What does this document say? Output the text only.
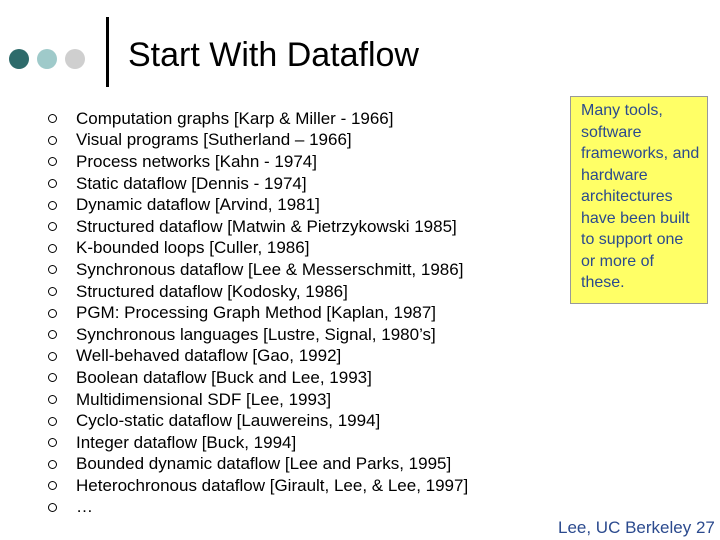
Start With Dataflow
Computation graphs [Karp & Miller - 1966]
Visual programs [Sutherland – 1966]
Process networks [Kahn - 1974]
Static dataflow [Dennis - 1974]
Dynamic dataflow [Arvind, 1981]
Structured dataflow [Matwin & Pietrzykowski 1985]
K-bounded loops [Culler, 1986]
Synchronous dataflow [Lee & Messerschmitt, 1986]
Structured dataflow [Kodosky, 1986]
PGM: Processing Graph Method [Kaplan, 1987]
Synchronous languages [Lustre, Signal, 1980’s]
Well-behaved dataflow [Gao, 1992]
Boolean dataflow [Buck and Lee, 1993]
Multidimensional SDF [Lee, 1993]
Cyclo-static dataflow [Lauwereins, 1994]
Integer dataflow [Buck, 1994]
Bounded dynamic dataflow [Lee and Parks, 1995]
Heterochronous dataflow [Girault, Lee, & Lee, 1997]
…
Many tools, software frameworks, and hardware architectures have been built to support one or more of these.
Lee, UC Berkeley 27
